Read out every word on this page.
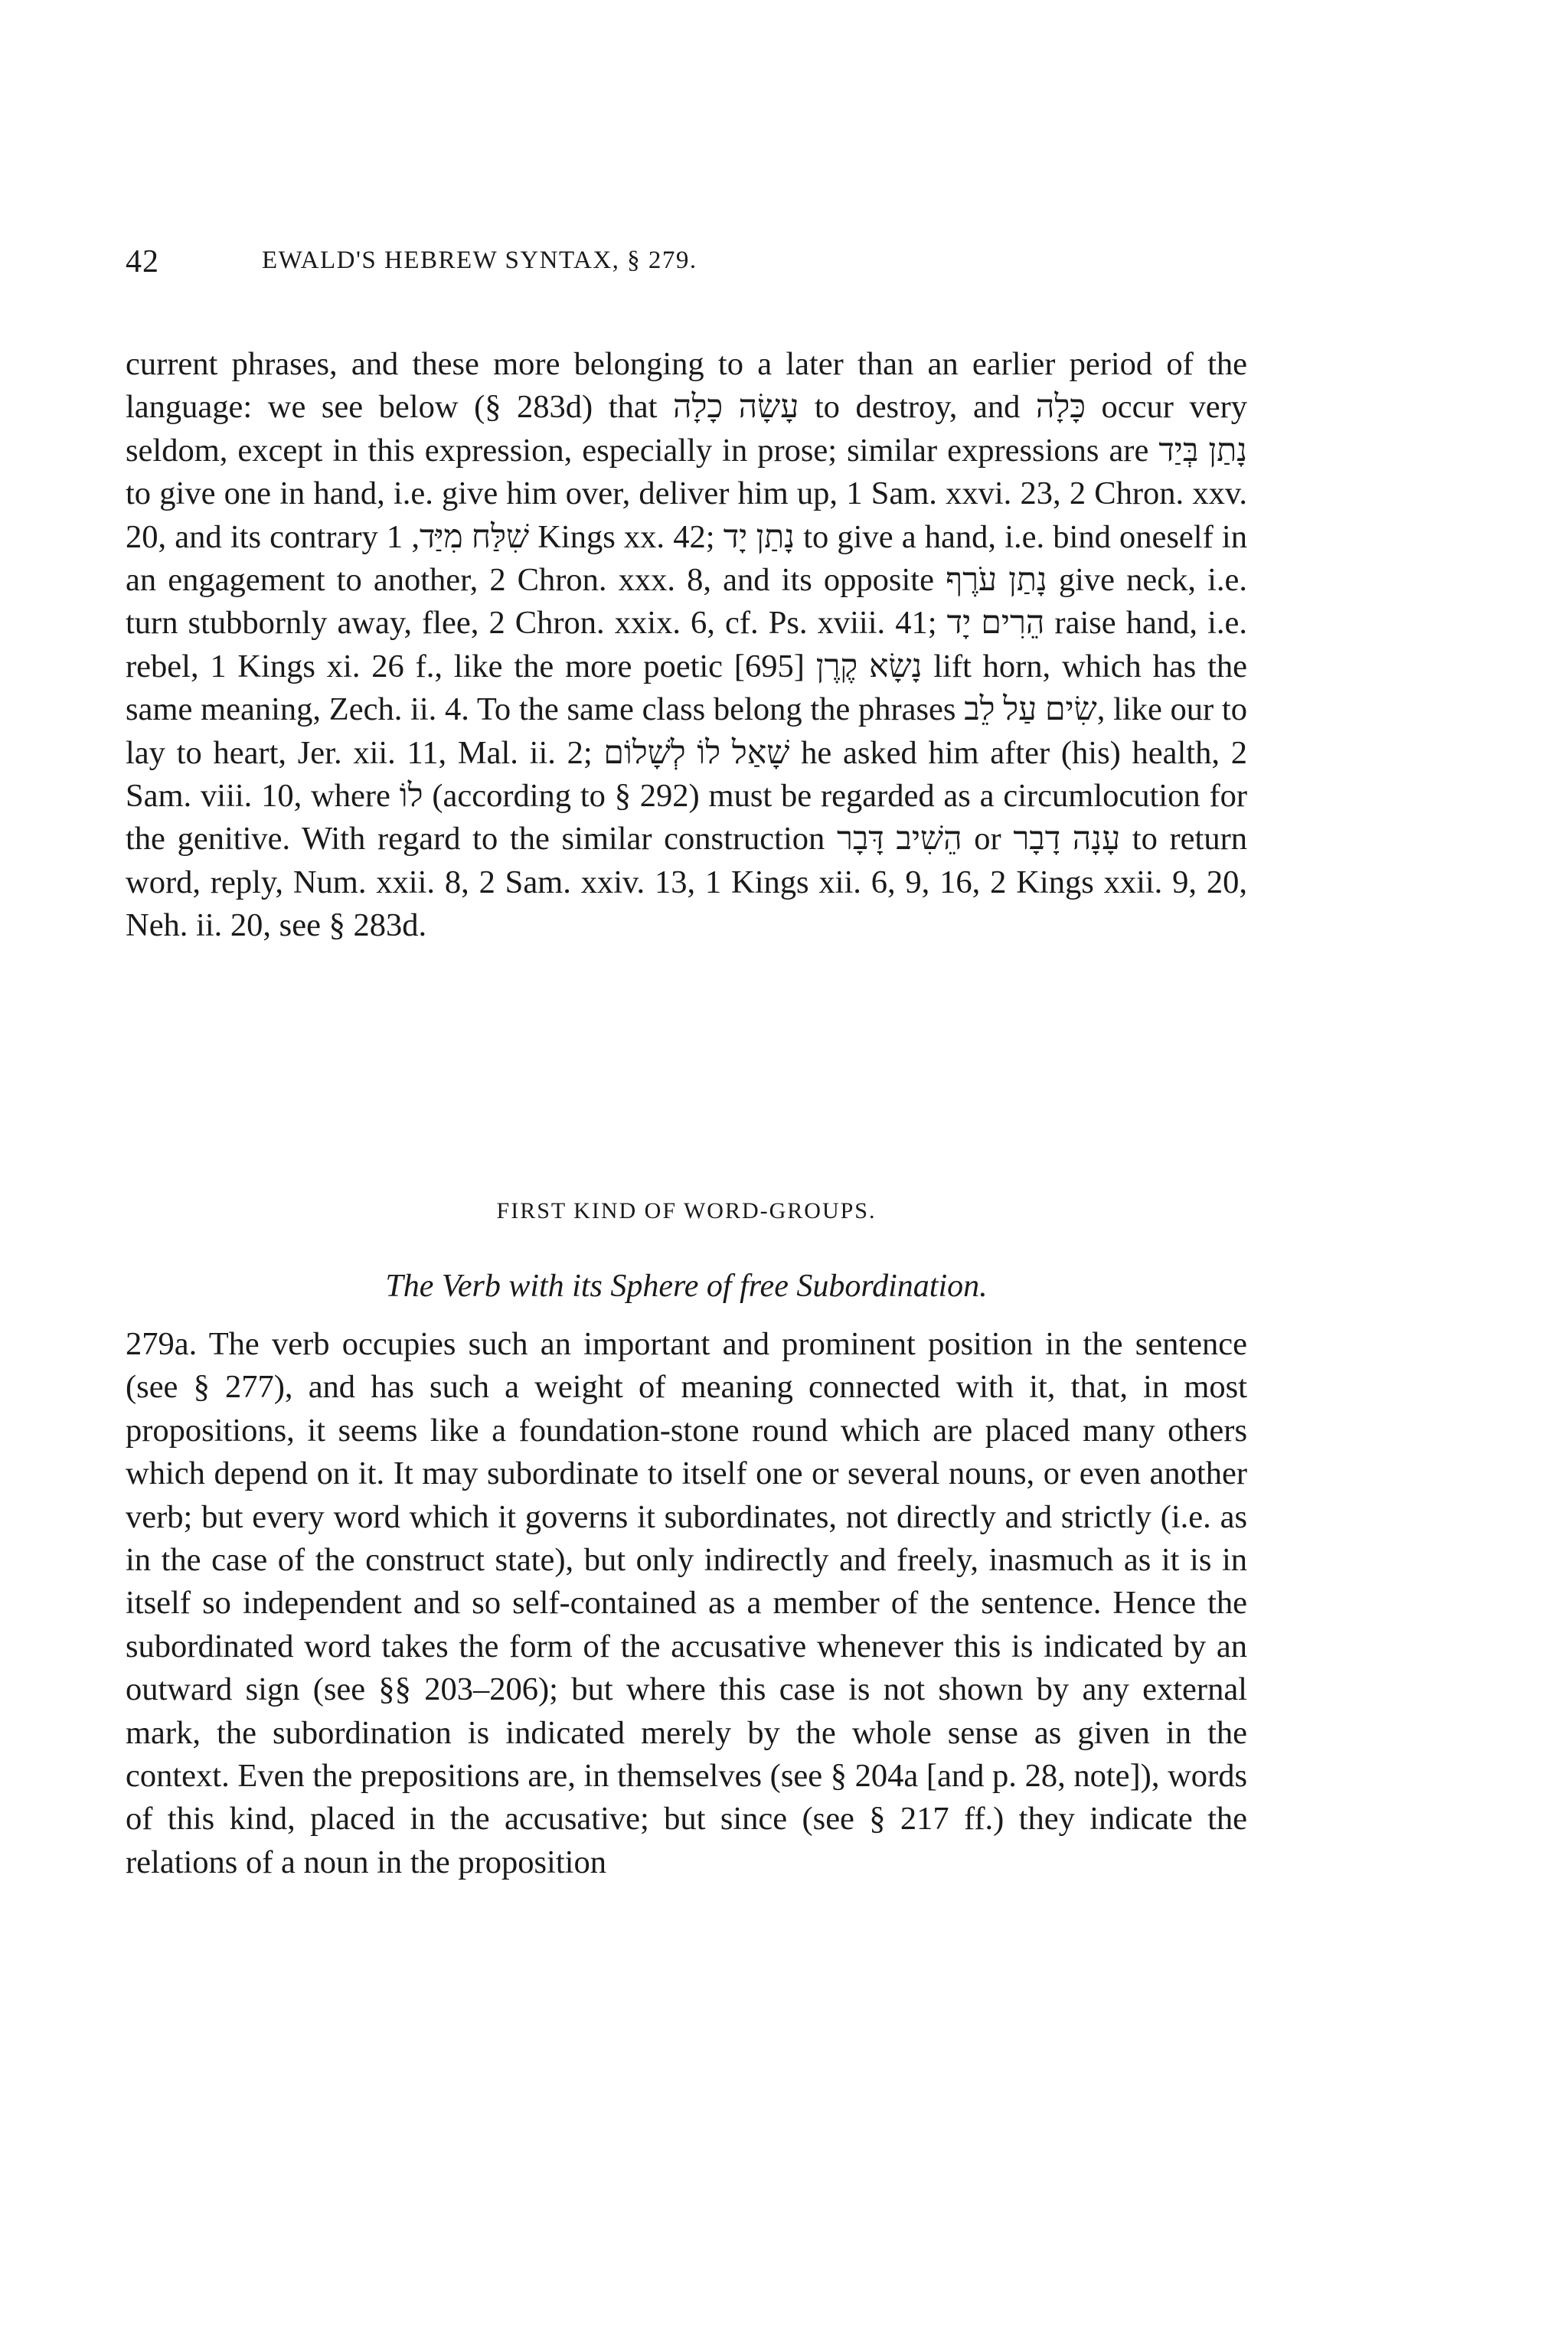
42	EWALD'S HEBREW SYNTAX, § 279.

current phrases, and these more belonging to a later than an earlier period of the language: we see below (§ 283d) that עָשָׂה כָלָה to destroy, and כָּלָה occur very seldom, except in this expression, especially in prose; similar expressions are נָתַן בְּיַד to give one in hand, i.e. give him over, deliver him up, 1 Sam. xxvi. 23, 2 Chron. xxv. 20, and its contrary שִׁלַּח מִיַּד, 1 Kings xx. 42; נָתַן יָד to give a hand, i.e. bind oneself in an engagement to another, 2 Chron. xxx. 8, and its opposite נָתַן עֹרֶף give neck, i.e. turn stubbornly away, flee, 2 Chron. xxix. 6, cf. Ps. xviii. 41; הֵרִים יָד raise hand, i.e. rebel, 1 Kings xi. 26 f., like the more poetic [695] נָשָׂא קֶרֶן lift horn, which has the same meaning, Zech. ii. 4. To the same class belong the phrases שִׂים עַל לֵב, like our to lay to heart, Jer. xii. 11, Mal. ii. 2; שָׁאַל לוֹ לְשָׁלוֹם he asked him after (his) health, 2 Sam. viii. 10, where לוֹ (according to § 292) must be regarded as a circumlocution for the genitive. With regard to the similar construction הֵשִׁיב דָּבָר or עָנָה דָבָר to return word, reply, Num. xxii. 8, 2 Sam. xxiv. 13, 1 Kings xii. 6, 9, 16, 2 Kings xxii. 9, 20, Neh. ii. 20, see § 283d.

FIRST KIND OF WORD-GROUPS.
The Verb with its Sphere of free Subordination.

279a. The verb occupies such an important and prominent position in the sentence (see § 277), and has such a weight of meaning connected with it, that, in most propositions, it seems like a foundation-stone round which are placed many others which depend on it. It may subordinate to itself one or several nouns, or even another verb; but every word which it governs it subordinates, not directly and strictly (i.e. as in the case of the construct state), but only indirectly and freely, inasmuch as it is in itself so independent and so self-contained as a member of the sentence. Hence the subordinated word takes the form of the accusative whenever this is indicated by an outward sign (see §§ 203–206); but where this case is not shown by any external mark, the subordination is indicated merely by the whole sense as given in the context. Even the prepositions are, in themselves (see § 204a [and p. 28, note]), words of this kind, placed in the accusative; but since (see § 217 ff.) they indicate the relations of a noun in the proposition
